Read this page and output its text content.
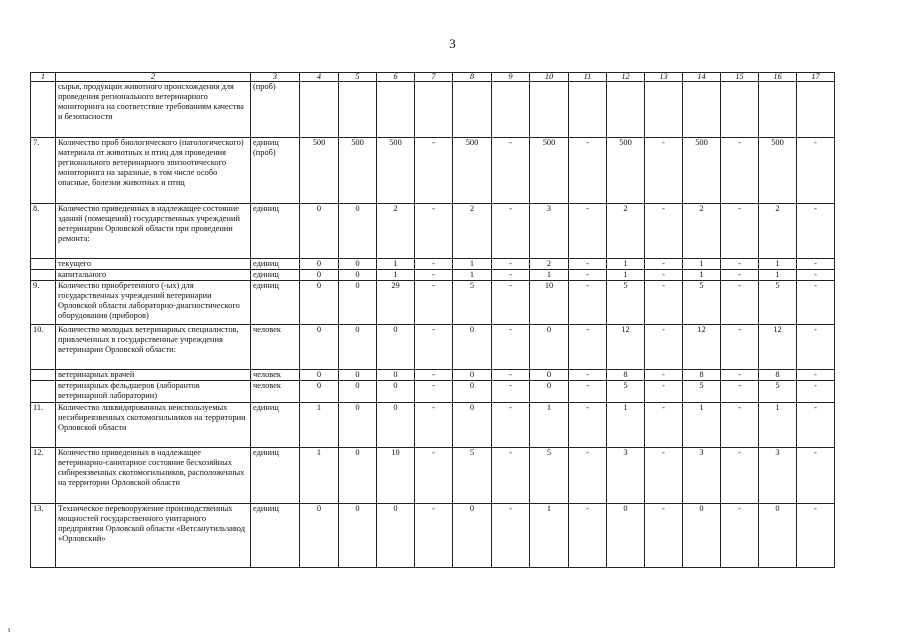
3
1	2	3	4	5	6	7	8	9	10	11	12	13	14	15	16	17
	сырья, продукции животного происхождения для проведения регионального ветеринарного мониторинга на соответствие требованиям качества и безопасности	(проб)														
7.	Количество проб биологического (патологического) материала от животных и птиц для проведения регионального ветеринарного эпизоотического мониторинга на заразные, в том числе особо опасные, болезни животных и птиц	единиц (проб)	500	500	500	-	500	-	500	-	500	-	500	-	500	-
8.	Количество приведенных в надлежащее состояние зданий (помещений) государственных учреждений ветеринарии Орловской области при проведении ремонта:	единиц	0	0	2	-	2	-	3	-	2	-	2	-	2	-
	текущего	единиц	0	0	1	-	1	-	2	-	1	-	1	-	1	-
	капитального	единиц	0	0	1	-	1	-	1	-	1	-	1	-	1	-
9.	Количество приобретенного (-ых) для государственных учреждений ветеринарии Орловской области лабораторно-диагностического оборудования (приборов)	единиц	0	0	29	-	5	-	10	-	5	-	5	-	5	-
10.	Количество молодых ветеринарных специалистов, привлеченных в государственные учреждения ветеринарии Орловской области:	человек	0	0	0	-	0	-	0	-	12	-	12	-	12	-
	ветеринарных врачей	человек	0	0	0	-	0	-	0	-	8	-	8	-	8	-
	ветеринарных фельдшеров (лаборантов ветеринарной лаборатории)	человек	0	0	0	-	0	-	0	-	5	-	5	-	5	-
11.	Количество ликвидированных неиспользуемых несибиреязвенных скотомогильников на территории Орловской области	единиц	1	0	0	-	0	-	1	-	1	-	1	-	1	-
12.	Количество приведенных в надлежащее ветеринарно-санитарное состояние бесхозяйных сибиреязвенных скотомогильников, расположенных на территории Орловской области	единиц	1	0	10	-	5	-	5	-	3	-	3	-	3	-
13.	Техническое перевооружение производственных мощностей государственного унитарного предприятия Орловской области «Ветсанутильзавод «Орловский»	единиц	0	0	0	-	0	-	1	-	0	-	0	-	0	-
ι
